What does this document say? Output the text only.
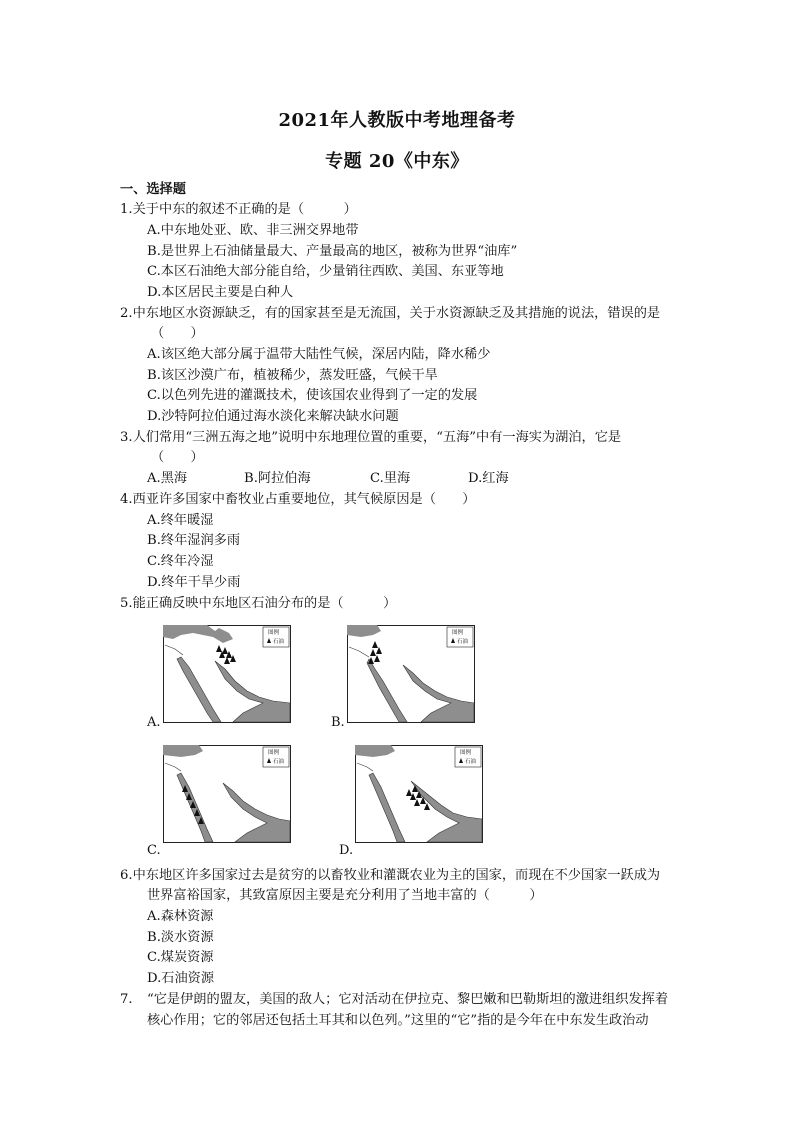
2021年人教版中考地理备考
专题 20《中东》
一、选择题
1.关于中东的叙述不正确的是（　　　）
A.中东地处亚、欧、非三洲交界地带
B.是世界上石油储量最大、产量最高的地区，被称为世界“油库”
C.本区石油绝大部分能自给，少量销往西欧、美国、东亚等地
D.本区居民主要是白种人
2.中东地区水资源缺乏，有的国家甚至是无流国，关于水资源缺乏及其措施的说法，错误的是
（　　）
A.该区绝大部分属于温带大陆性气候，深居内陆，降水稀少
B.该区沙漠广布，植被稀少，蒸发旺盛，气候干旱
C.以色列先进的灌溉技术，使该国农业得到了一定的发展
D.沙特阿拉伯通过海水淡化来解决缺水问题
3.人们常用“三洲五海之地”说明中东地理位置的重要，“五海”中有一海实为湖泊，它是
（　　）
A.黑海	B.阿拉伯海	C.里海	D.红海
4.西亚许多国家中畜牧业占重要地位，其气候原因是（　　）
A.终年暖湿
B.终年湿润多雨
C.终年冷湿
D.终年干旱少雨
5.能正确反映中东地区石油分布的是（　　　）
图例
石油
A.
图例
石油
B.
图例
石油
C.
图例
石油
D.
6.中东地区许多国家过去是贫穷的以畜牧业和灌溉农业为主的国家，而现在不少国家一跃成为
世界富裕国家，其致富原因主要是充分利用了当地丰富的（　　　）
A.森林资源
B.淡水资源
C.煤炭资源
D.石油资源
7. “它是伊朗的盟友，美国的敌人；它对活动在伊拉克、黎巴嫩和巴勒斯坦的激进组织发挥着
核心作用；它的邻居还包括土耳其和以色列。”这里的“它”指的是今年在中东发生政治动
